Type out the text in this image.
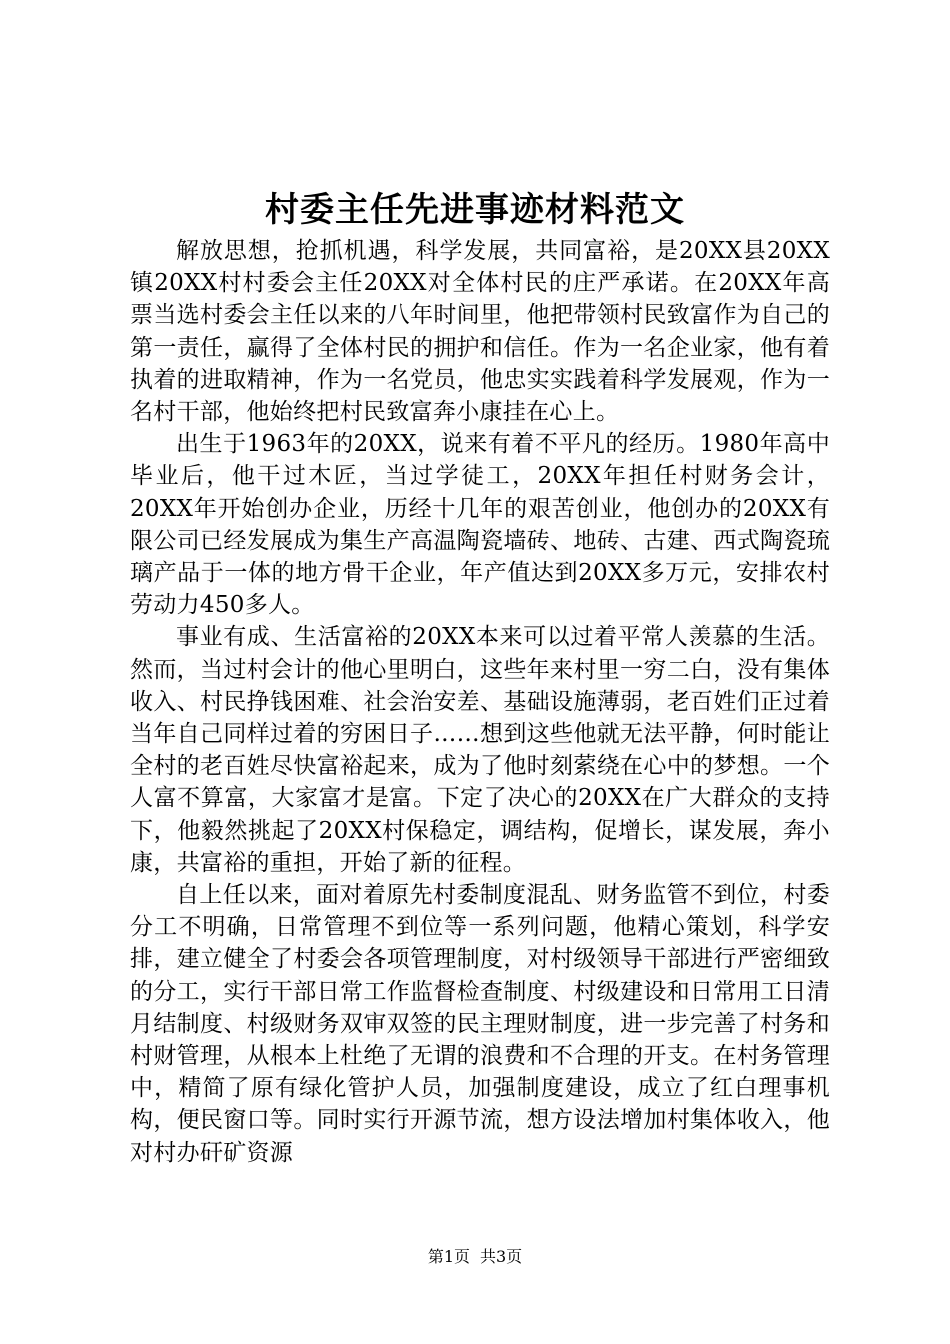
村委主任先进事迹材料范文

解放思想，抢抓机遇，科学发展，共同富裕，是20XX县20XX镇20XX村村委会主任20XX对全体村民的庄严承诺。在20XX年高票当选村委会主任以来的八年时间里，他把带领村民致富作为自己的第一责任，赢得了全体村民的拥护和信任。作为一名企业家，他有着执着的进取精神，作为一名党员，他忠实实践着科学发展观，作为一名村干部，他始终把村民致富奔小康挂在心上。

出生于1963年的20XX，说来有着不平凡的经历。1980年高中毕业后，他干过木匠，当过学徒工，20XX年担任村财务会计，20XX年开始创办企业，历经十几年的艰苦创业，他创办的20XX有限公司已经发展成为集生产高温陶瓷墙砖、地砖、古建、西式陶瓷琉璃产品于一体的地方骨干企业，年产值达到20XX多万元，安排农村劳动力450多人。

事业有成、生活富裕的20XX本来可以过着平常人羡慕的生活。然而，当过村会计的他心里明白，这些年来村里一穷二白，没有集体收入、村民挣钱困难、社会治安差、基础设施薄弱，老百姓们正过着当年自己同样过着的穷困日子……想到这些他就无法平静，何时能让全村的老百姓尽快富裕起来，成为了他时刻萦绕在心中的梦想。一个人富不算富，大家富才是富。下定了决心的20XX在广大群众的支持下，他毅然挑起了20XX村保稳定，调结构，促增长，谋发展，奔小康，共富裕的重担，开始了新的征程。

自上任以来，面对着原先村委制度混乱、财务监管不到位，村委分工不明确，日常管理不到位等一系列问题，他精心策划，科学安排，建立健全了村委会各项管理制度，对村级领导干部进行严密细致的分工，实行干部日常工作监督检查制度、村级建设和日常用工日清月结制度、村级财务双审双签的民主理财制度，进一步完善了村务和村财管理，从根本上杜绝了无谓的浪费和不合理的开支。在村务管理中，精简了原有绿化管护人员，加强制度建设，成立了红白理事机构，便民窗口等。同时实行开源节流，想方设法增加村集体收入，他对村办矸矿资源

第1页 共3页
